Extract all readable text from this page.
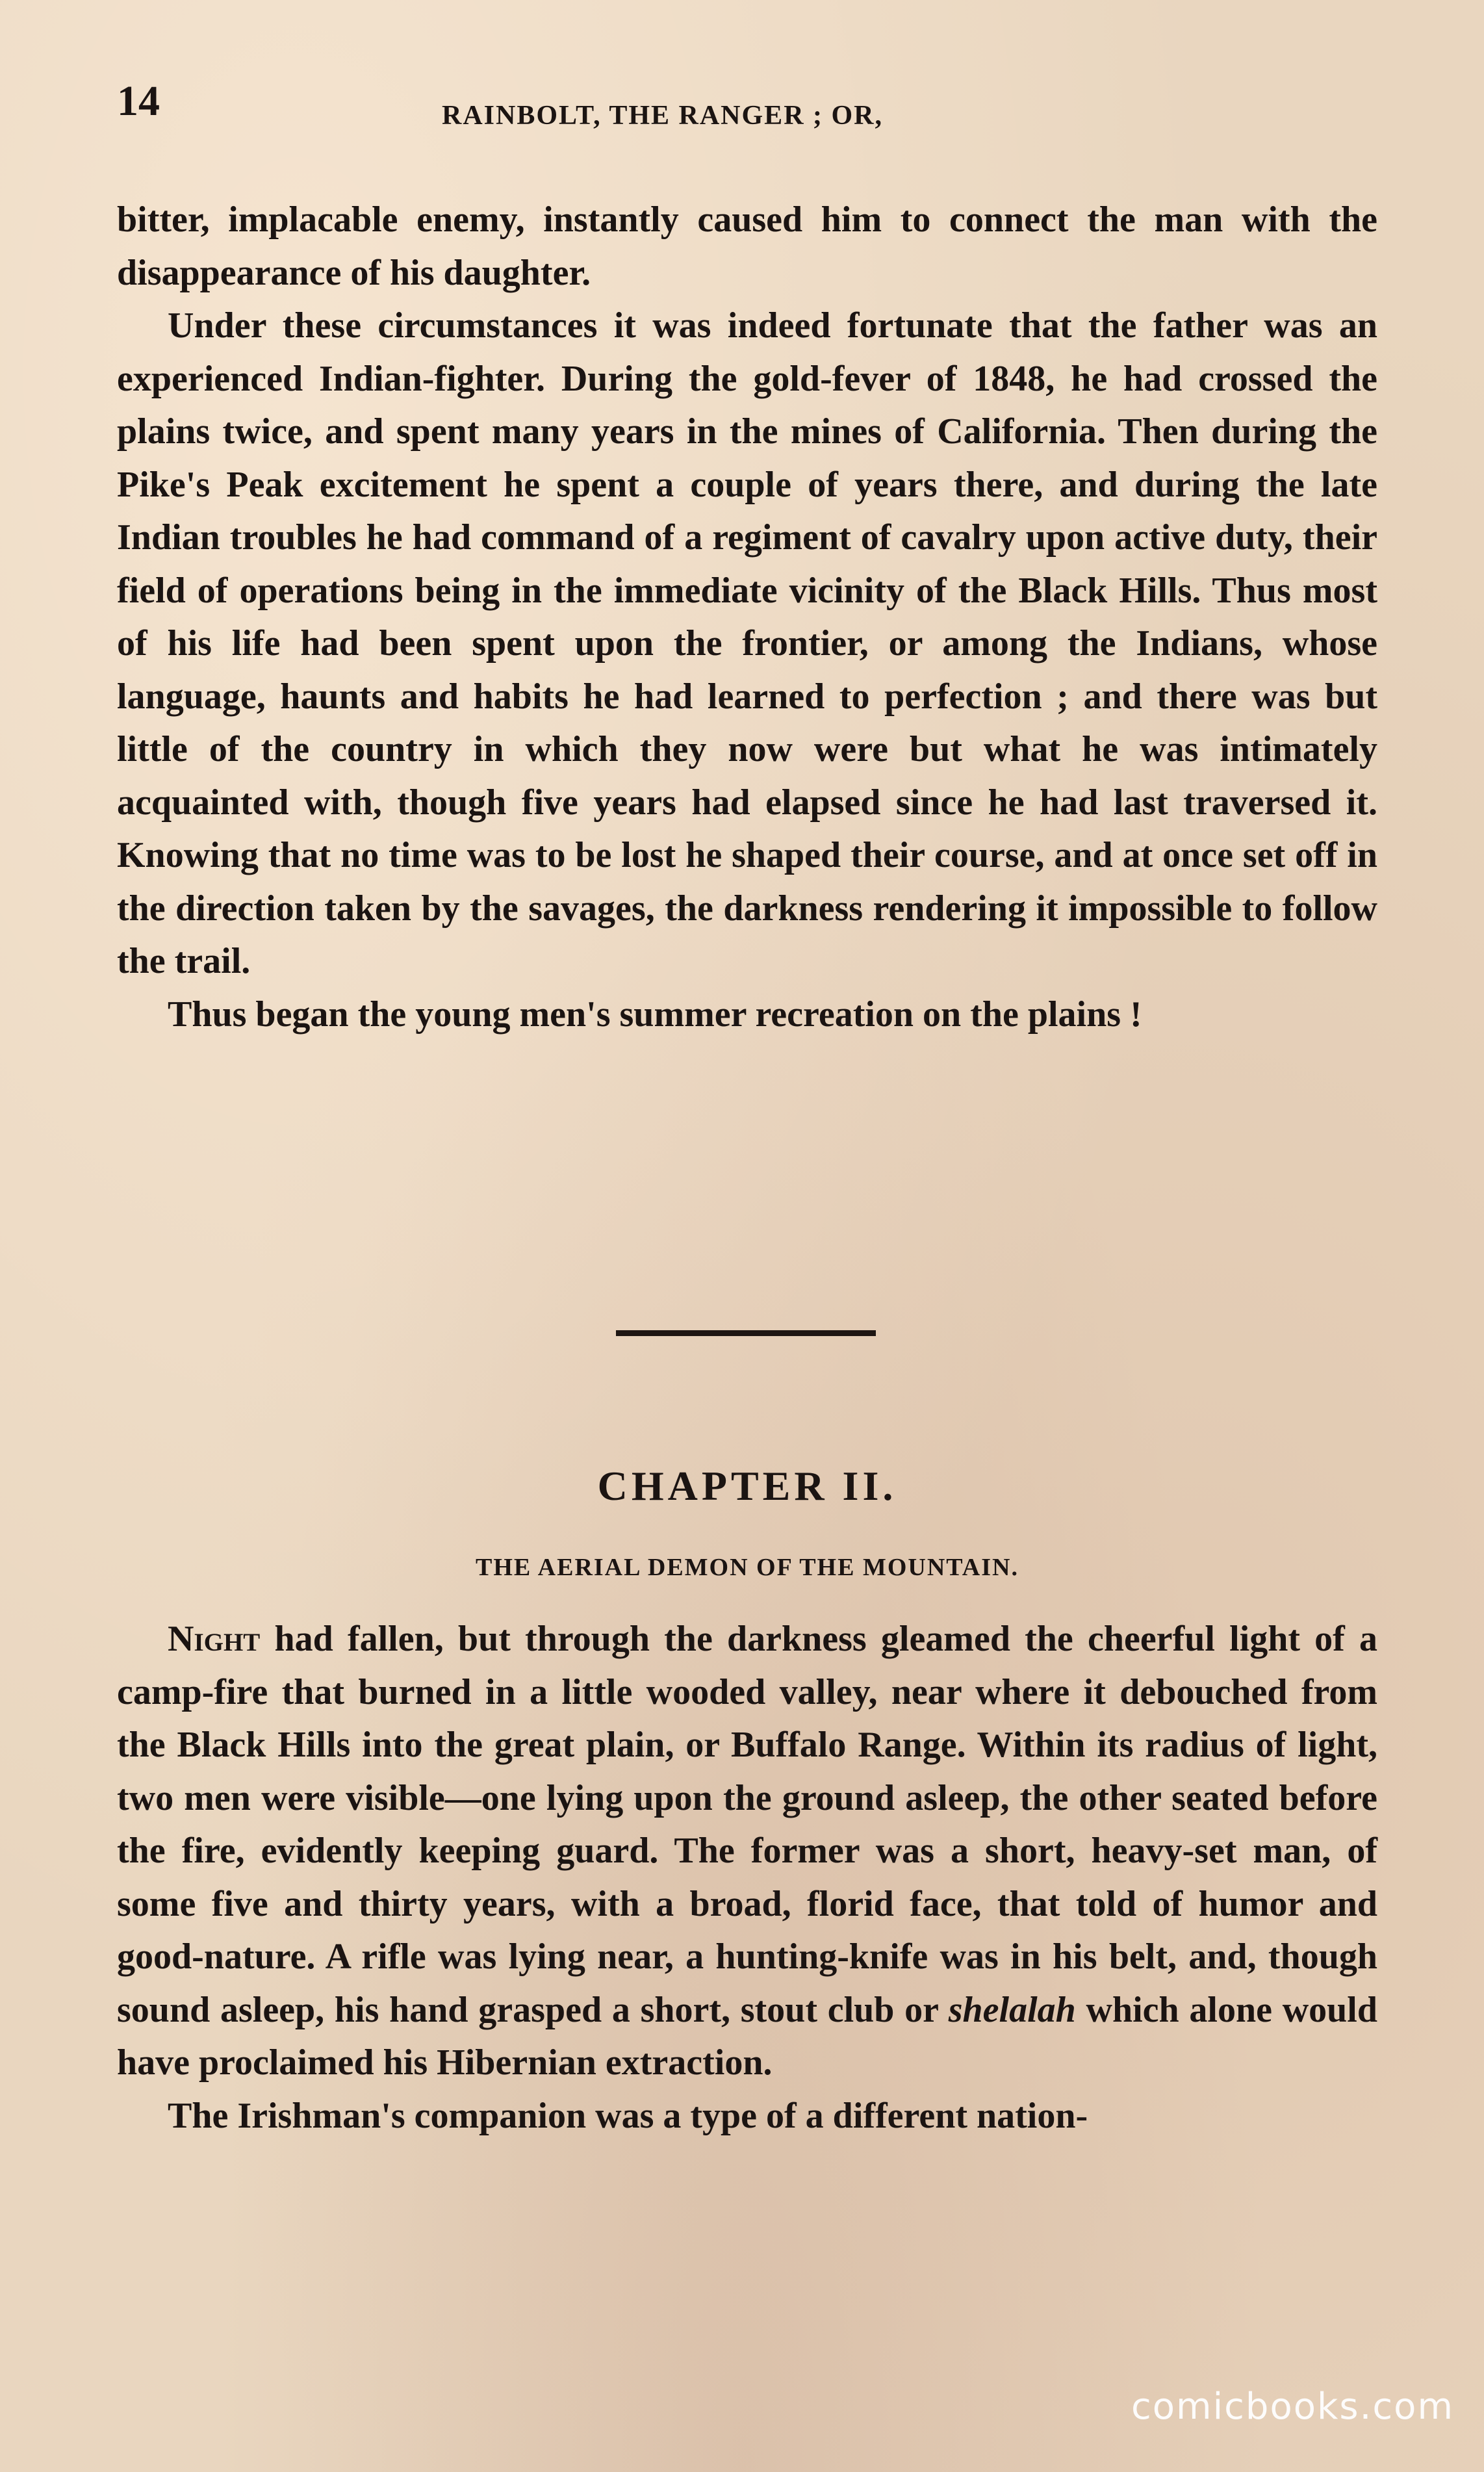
14	RAINBOLT, THE RANGER ; OR,

bitter, implacable enemy, instantly caused him to connect the man with the disappearance of his daughter.

Under these circumstances it was indeed fortunate that the father was an experienced Indian-fighter. During the gold-fever of 1848, he had crossed the plains twice, and spent many years in the mines of California. Then during the Pike's Peak excitement he spent a couple of years there, and during the late Indian troubles he had command of a regiment of cavalry upon active duty, their field of operations being in the immediate vicinity of the Black Hills. Thus most of his life had been spent upon the frontier, or among the Indians, whose language, haunts and habits he had learned to perfection ; and there was but little of the country in which they now were but what he was intimately acquainted with, though five years had elapsed since he had last traversed it. Knowing that no time was to be lost he shaped their course, and at once set off in the direction taken by the savages, the darkness rendering it impossible to follow the trail.

Thus began the young men's summer recreation on the plains !

CHAPTER II.
THE AERIAL DEMON OF THE MOUNTAIN.

Night had fallen, but through the darkness gleamed the cheerful light of a camp-fire that burned in a little wooded valley, near where it debouched from the Black Hills into the great plain, or Buffalo Range. Within its radius of light, two men were visible—one lying upon the ground asleep, the other seated before the fire, evidently keeping guard. The former was a short, heavy-set man, of some five and thirty years, with a broad, florid face, that told of humor and good-nature. A rifle was lying near, a hunting-knife was in his belt, and, though sound asleep, his hand grasped a short, stout club or shelalah which alone would have proclaimed his Hibernian extraction.

The Irishman's companion was a type of a different nation-

comicbooks.com
